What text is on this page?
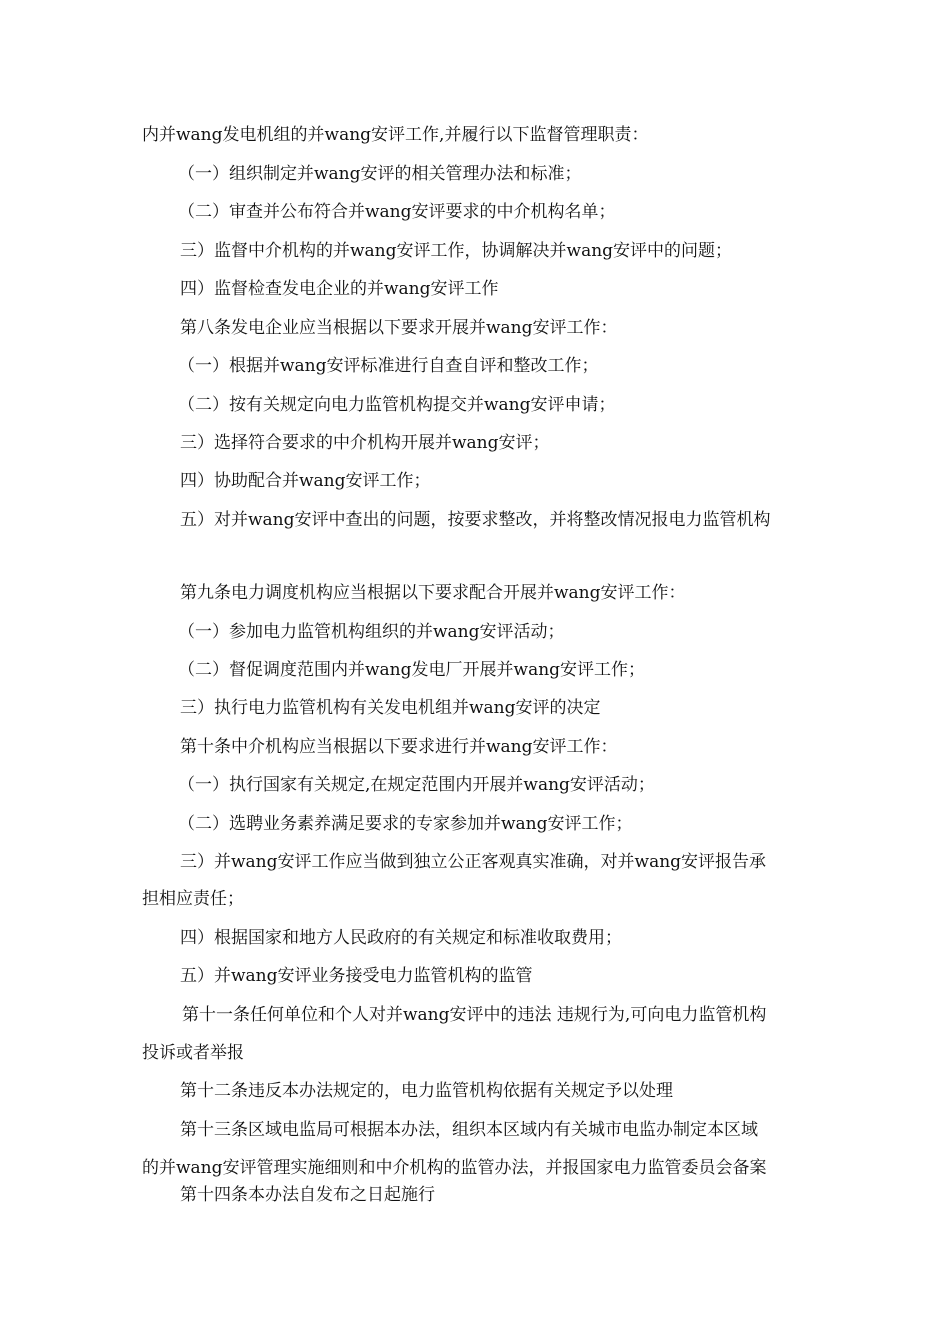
内并wang发电机组的并wang安评工作,并履行以下监督管理职责：
（一）组织制定并wang安评的相关管理办法和标准；
（二）审查并公布符合并wang安评要求的中介机构名单；
三）监督中介机构的并wang安评工作，协调解决并wang安评中的问题；
四）监督检查发电企业的并wang安评工作
第八条发电企业应当根据以下要求开展并wang安评工作：
（一）根据并wang安评标准进行自查自评和整改工作；
（二）按有关规定向电力监管机构提交并wang安评申请；
三）选择符合要求的中介机构开展并wang安评；
四）协助配合并wang安评工作；
五）对并wang安评中查出的问题，按要求整改，并将整改情况报电力监管机构
第九条电力调度机构应当根据以下要求配合开展并wang安评工作：
（一）参加电力监管机构组织的并wang安评活动；
（二）督促调度范围内并wang发电厂开展并wang安评工作；
三）执行电力监管机构有关发电机组并wang安评的决定
第十条中介机构应当根据以下要求进行并wang安评工作：
（一）执行国家有关规定,在规定范围内开展并wang安评活动；
（二）选聘业务素养满足要求的专家参加并wang安评工作；
三）并wang安评工作应当做到独立公正客观真实准确，对并wang安评报告承
担相应责任；
四）根据国家和地方人民政府的有关规定和标准收取费用；
五）并wang安评业务接受电力监管机构的监管
第十一条任何单位和个人对并wang安评中的违法 违规行为,可向电力监管机构
投诉或者举报
第十二条违反本办法规定的，电力监管机构依据有关规定予以处理
第十三条区域电监局可根据本办法，组织本区域内有关城市电监办制定本区域
的并wang安评管理实施细则和中介机构的监管办法，并报国家电力监管委员会备案
第十四条本办法自发布之日起施行
